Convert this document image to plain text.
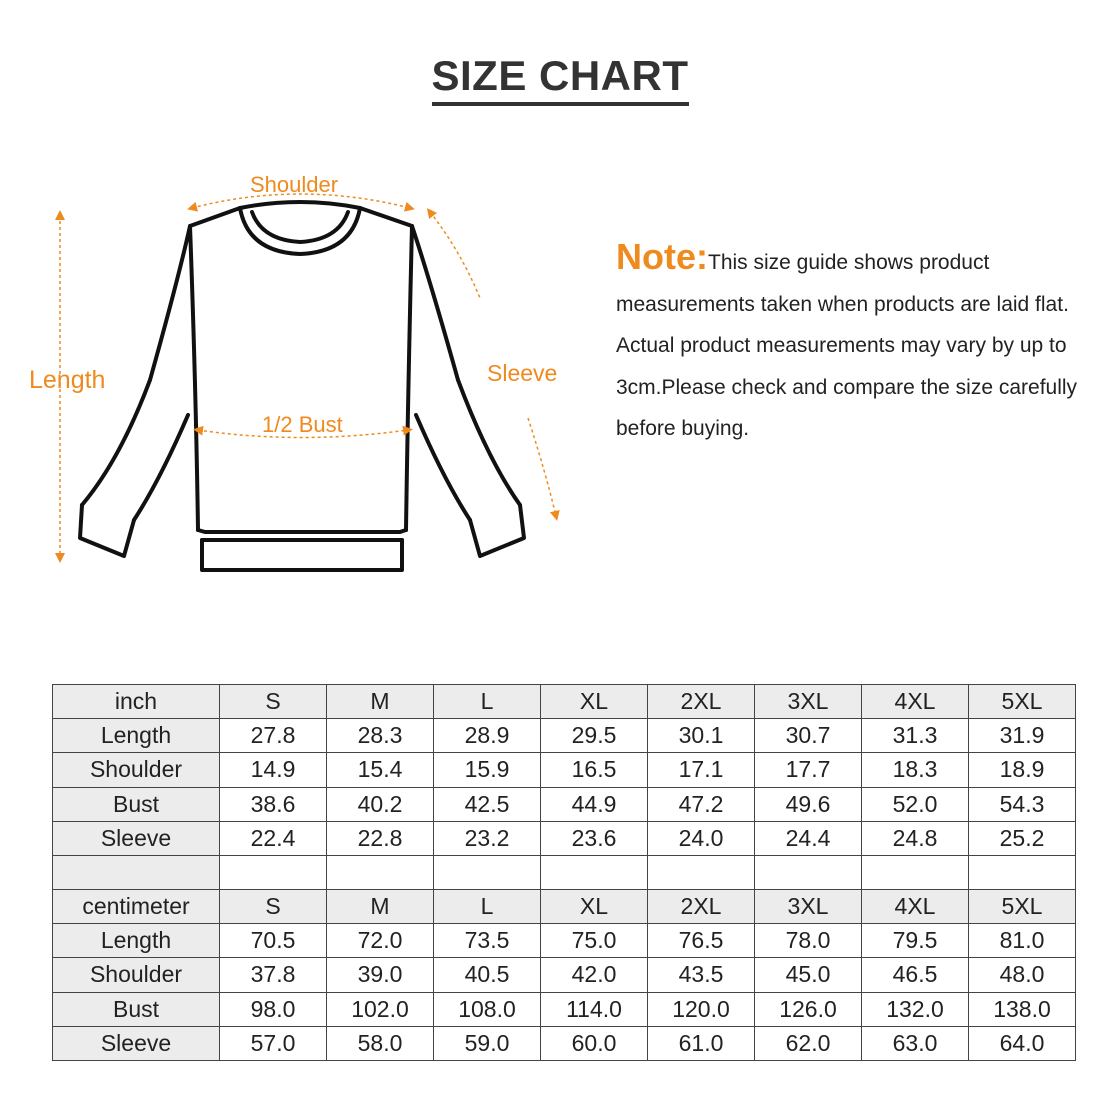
SIZE CHART
Shoulder
Length	Sleeve
1/2 Bust
Note:This size guide shows product measurements taken when products are laid flat. Actual product measurements may vary by up to 3cm.Please check and compare the size carefully before buying.
inch	S	M	L	XL	2XL	3XL	4XL	5XL
Length	27.8	28.3	28.9	29.5	30.1	30.7	31.3	31.9
Shoulder	14.9	15.4	15.9	16.5	17.1	17.7	18.3	18.9
Bust	38.6	40.2	42.5	44.9	47.2	49.6	52.0	54.3
Sleeve	22.4	22.8	23.2	23.6	24.0	24.4	24.8	25.2

centimeter	S	M	L	XL	2XL	3XL	4XL	5XL
Length	70.5	72.0	73.5	75.0	76.5	78.0	79.5	81.0
Shoulder	37.8	39.0	40.5	42.0	43.5	45.0	46.5	48.0
Bust	98.0	102.0	108.0	114.0	120.0	126.0	132.0	138.0
Sleeve	57.0	58.0	59.0	60.0	61.0	62.0	63.0	64.0
